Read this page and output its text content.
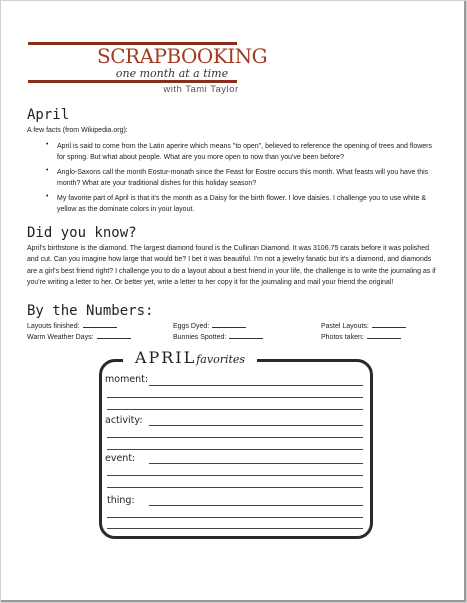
SCRAPBOOKING
one month at a time
with Tami Taylor
April
A few facts (from Wikipedia.org):
•	April is said to come from the Latin aperire which means "to open", believed to reference the opening of trees and flowers for spring. But what about people. What are you more open to now than you've been before?
•	Anglo-Saxons call the month Eostur-monath since the Feast for Eostre occurs this month. What feasts will you have this month? What are your traditional dishes for this holiday season?
•	My favorite part of April is that it's the month as a Daisy for the birth flower. I love daisies. I challenge you to use white & yellow as the dominate colors in your layout.
Did you know?
April's birthstone is the diamond. The largest diamond found is the Cullinan Diamond. It was 3106.75 carats before it was polished and cut. Can you imagine how large that would be? I bet it was beautiful. I'm not a jewelry fanatic but it's a diamond, and diamonds are a girl's best friend right? I challenge you to do a layout about a best friend in your life, the challenge is to write the journaling as if you're writing a letter to her. Or better yet, write a letter to her copy it for the journaling and mail your friend the original!
By the Numbers:
Layouts finished:	Eggs Dyed:	Pastel Layouts:
Warm Weather Days:	Bunnies Spotted:	Photos taken:
APRILfavorites
moment:
activity:
event:
thing:
